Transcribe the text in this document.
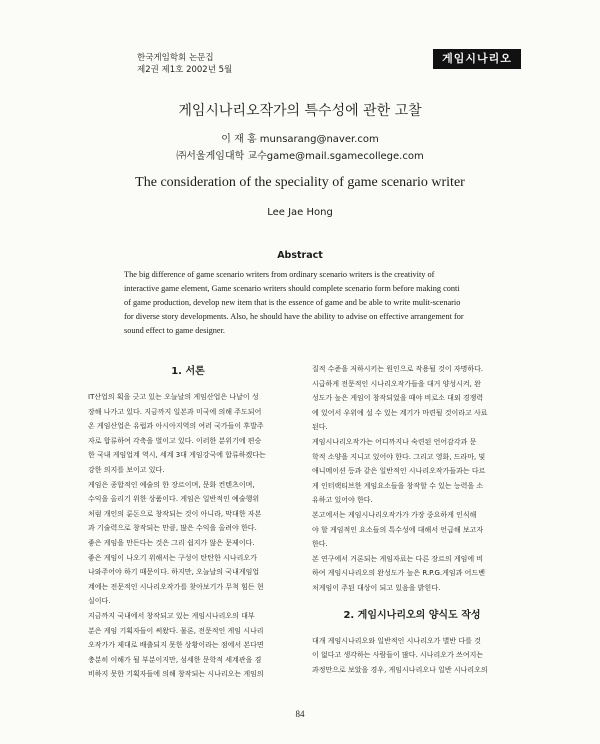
한국게임학회 논문집
제2권 제1호 2002년 5월
게임시나리오
게임시나리오작가의 특수성에 관한 고찰
이 재 홍 munsarang@naver.com
㈜서울게임대학 교수game@mail.sgamecollege.com
The consideration of the speciality of game scenario writer
Lee Jae Hong
Abstract
The big difference of game scenario writers from ordinary scenario writers is the creativity of
interactive game element, Game scenario writers should complete scenario form before making conti
of game production, develop new item that is the essence of game and be able to write mulit-scenario
for diverse story developments. Also, he should have the ability to advise on effective arrangement for
sound effect to game designer.
1. 서론
IT산업의 획을 긋고 있는 오늘날의 게임산업은 나날이 성
장해 나가고 있다. 지금까지 일본과 미국에 의해 주도되어
온 게임산업은 유럽과 아시아지역의 여러 국가들이 후발주
자로 합류하여 각축을 벌이고 있다. 이러한 분위기에 편승
한 국내 게임업계 역시, 세계 3대 게임강국에 합류하겠다는
강한 의지를 보이고 있다.
게임은 종합적인 예술의 한 장르이며, 문화 컨텐츠이며,
수익을 올리기 위한 상품이다. 게임은 일반적인 예술행위
처럼 개인의 룬돈으로 창작되는 것이 아니라, 막대한 자본
과 기술력으로 창작되는 만큼, 많은 수익을 올려야 한다.
좋은 게임을 만든다는 것은 그리 쉽지가 않은 문제이다.
좋은 게임이 나오기 위해서는 구성이 탄탄한 시나리오가
나와주어야 하기 때문이다. 하지만, 오늘날의 국내게임업
계에는 전문적인 시나리오작가를 찾아보기가 무척 힘든 현
실이다.
지금까지 국내에서 창작되고 있는 게임시나리오의 대부
분은 게임 기획자들이 써왔다. 물론, 전문적인 게임 시나리
오작가가 제대로 배출되지 못한 상황이라는 점에서 본다면
충분히 이해가 될 부분이지만, 섬세한 문학적 세계관을 겸
비하지 못한 기획자들에 의해 창작되는 시나리오는 게임의
질적 수준을 저하시키는 원인으로 작용될 것이 자명하다.
시급하게 전문적인 시나리오작가들을 대거 양성시켜, 완
성도가 높은 게임이 창작되었을 때야 비로소 대외 경쟁력
에 있어서 우위에 설 수 있는 계기가 마련될 것이라고 사료
된다.
게임시나리오작가는 어디까지나 숙련된 언어감각과 문
학적 소양을 지니고 있어야 한다. 그리고 영화, 드라마, 및
애니메이션 등과 같은 일반적인 시나리오작가들과는 다르
게 인터랙티브한 게임요소들을 창작할 수 있는 능력을 소
유하고 있어야 한다.
본고에서는 게임시나리오작가가 가장 중요하게 인식해
야 할 게임적인 요소들의 특수성에 대해서 언급해 보고자
한다.
본 연구에서 거론되는 게임자료는 다른 장르의 게임에 비
하여 게임시나리오의 완성도가 높은 R.P.G.게임과 어드벤
처게임이 주된 대상이 되고 있음을 밝힌다.
2. 게임시나리오의 양식도 작성
대개 게임시나리오와 일반적인 시나리오가 별반 다를 것
이 없다고 생각하는 사람들이 많다. 시나리오가 쓰여지는
과정만으로 보았을 경우, 게임시나리오나 일반 시나리오의
84
